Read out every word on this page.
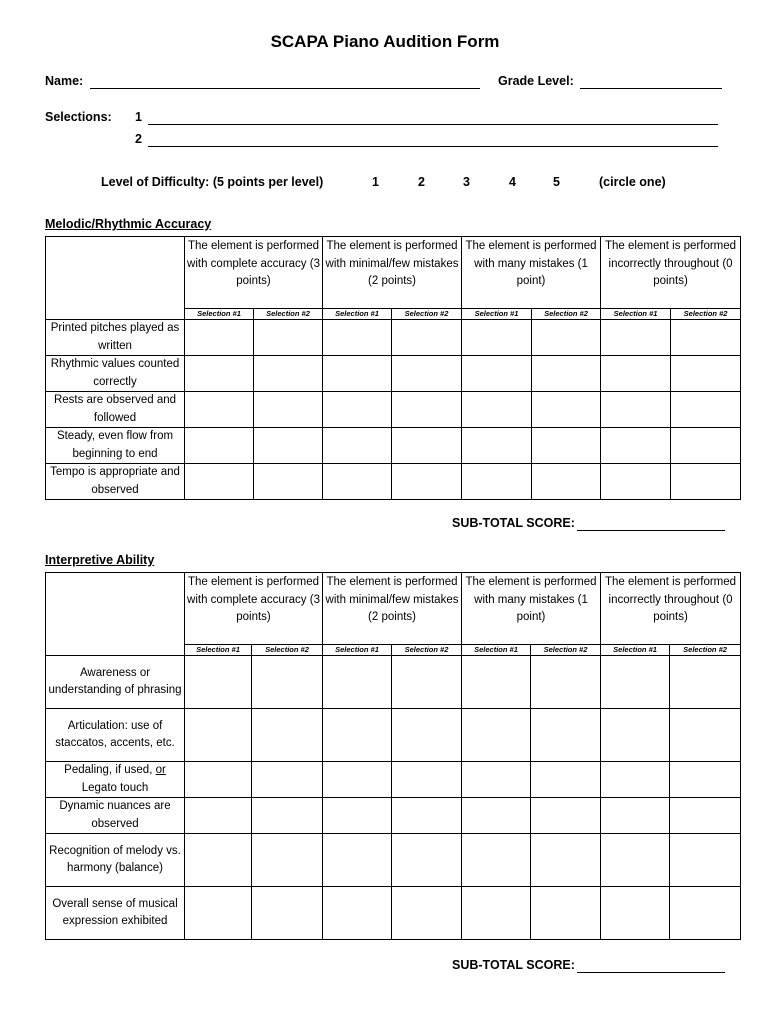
SCAPA Piano Audition Form
Name:	Grade Level:
Selections: 1
2
Level of Difficulty: (5 points per level)	1	2	3	4	5	(circle one)
Melodic/Rhythmic Accuracy
	The element is performed with complete accuracy (3 points)		The element is performed with minimal/few mistakes (2 points)		The element is performed with many mistakes (1 point)		The element is performed incorrectly throughout (0 points)	
	Selection #1	Selection #2	Selection #1	Selection #2	Selection #1	Selection #2	Selection #1	Selection #2
Printed pitches played as written								
Rhythmic values counted correctly								
Rests are observed and followed								
Steady, even flow from beginning to end								
Tempo is appropriate and observed								
SUB-TOTAL SCORE:
Interpretive Ability
	The element is performed with complete accuracy (3 points)		The element is performed with minimal/few mistakes (2 points)		The element is performed with many mistakes (1 point)		The element is performed incorrectly throughout (0 points)	
	Selection #1	Selection #2	Selection #1	Selection #2	Selection #1	Selection #2	Selection #1	Selection #2
Awareness or understanding of phrasing								
Articulation: use of staccatos, accents, etc.								
Pedaling, if used, or Legato touch								
Dynamic nuances are observed								
Recognition of melody vs. harmony (balance)								
Overall sense of musical expression exhibited								
SUB-TOTAL SCORE:
